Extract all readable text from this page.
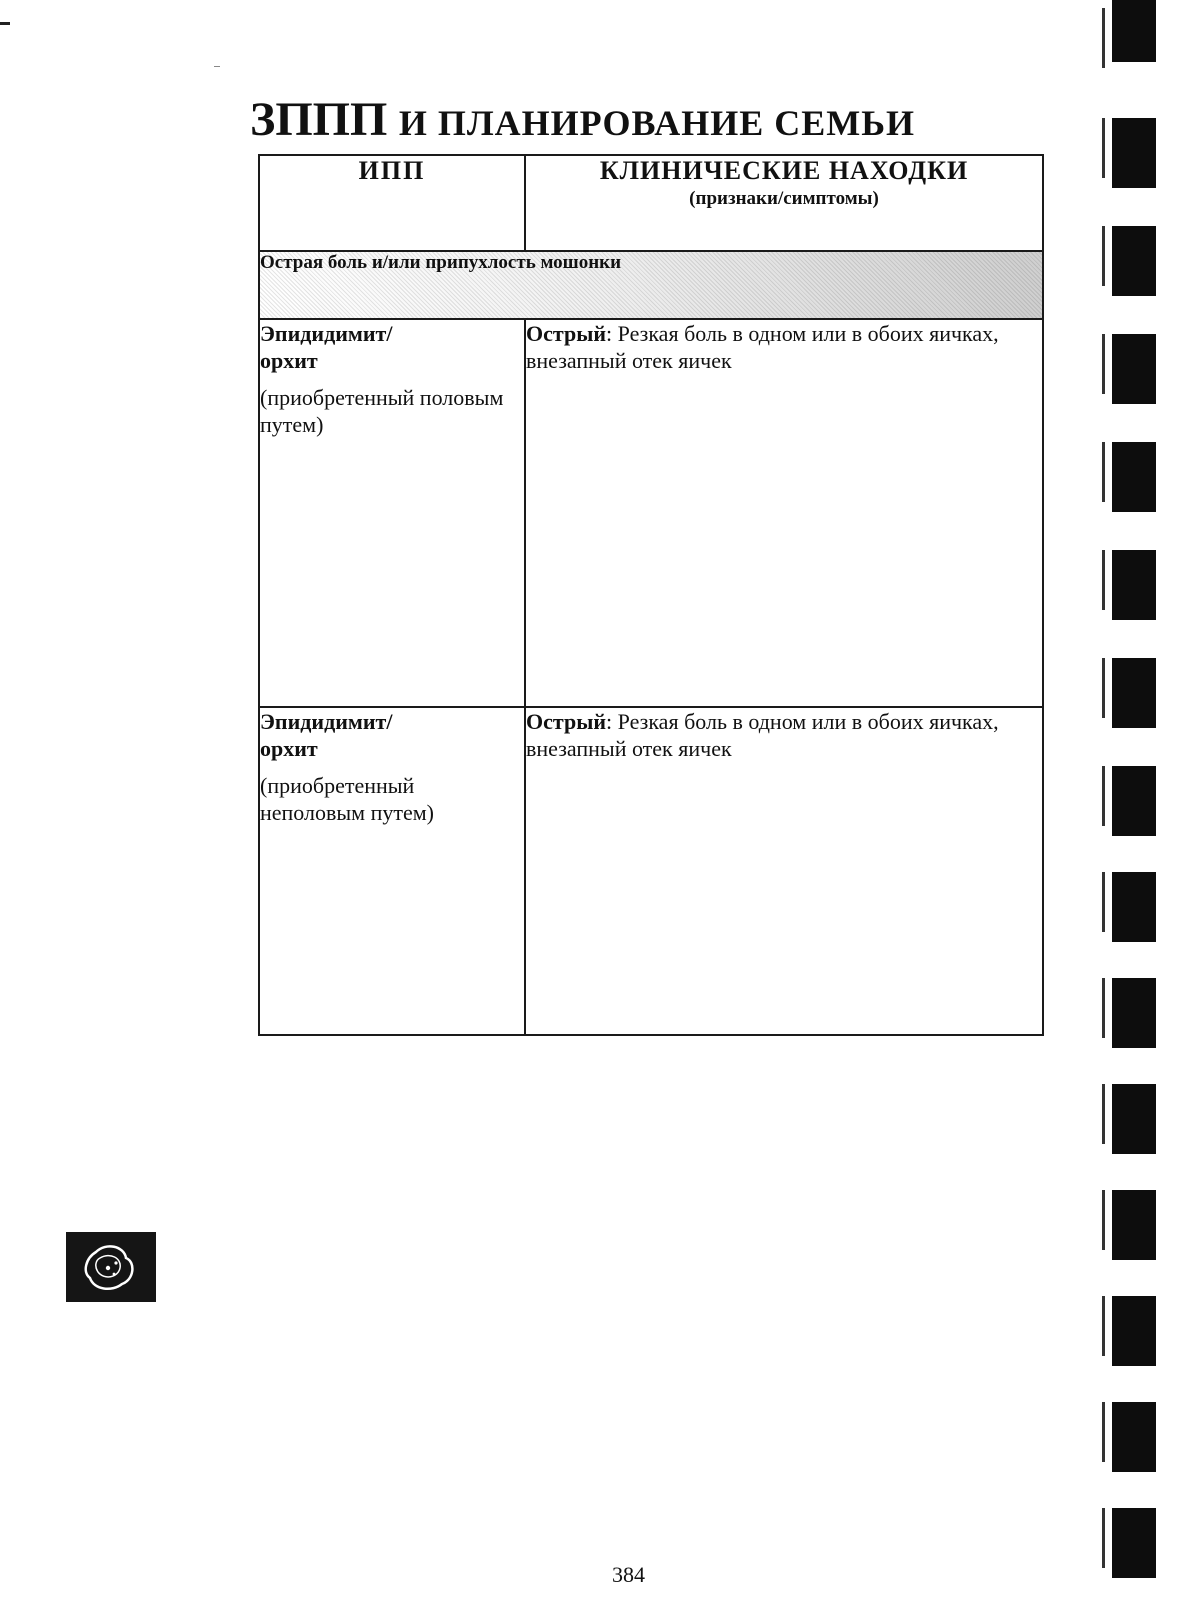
ЗППП И ПЛАНИРОВАНИЕ СЕМЬИ
ИПП	КЛИНИЧЕСКИЕ НАХОДКИ
(признаки/симптомы)

Острая боль и/или припухлость мошонки	

Эпидидимит/
орхит
(приобретенный половым путем)	Острый: Резкая боль в одном или в обоих яичках, внезапный отек яичек

Эпидидимит/
орхит
(приобретенный неполовым путем)	Острый: Резкая боль в одном или в обоих яичках, внезапный отек яичек
384
